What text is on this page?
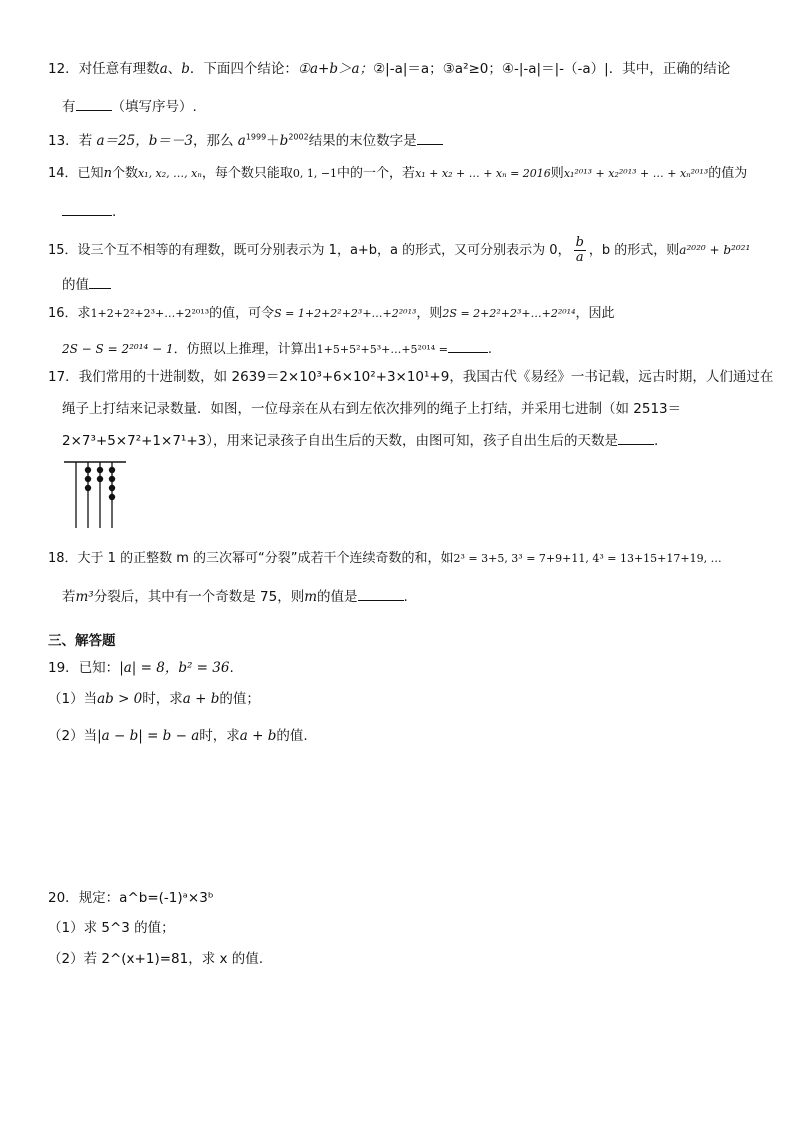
12．对任意有理数a、b．下面四个结论：①a+b＞a；②|-a|＝a；③a²≥0；④-|-a|＝|-（-a）|．其中，正确的结论
有	（填写序号）.
13．若 a＝25，b＝－3，那么 $a^{1999}+b^{2002}$结果的末位数字是
14．已知n个数x₁, x₂, …, xₙ，每个数只能取0, 1, −1中的一个，若x₁ + x₂ + … + xₙ = 2016则x₁²⁰¹³ + x₂²⁰¹³ + … + xₙ²⁰¹³的值为
.
15．设三个互不相等的有理数，既可分别表示为 1，a+b，a 的形式，又可分别表示为 0， $\frac{b}{a}$ ，b 的形式，则a²⁰²⁰ + b²⁰²¹
的值
16．求1+2+2²+2³+…+2²⁰¹³的值，可令S = 1+2+2²+2³+…+2²⁰¹³，则2S = 2+2²+2³+…+2²⁰¹⁴，因此
2S − S = 2²⁰¹⁴ − 1．仿照以上推理，计算出1+5+5²+5³+…+5²⁰¹⁴ =	.
17．我们常用的十进制数，如 2639＝2×10³+6×10²+3×10¹+9，我国古代《易经》一书记载，远古时期，人们通过在
绳子上打结来记录数量．如图，一位母亲在从右到左依次排列的绳子上打结，并采用七进制（如 2513＝
2×7³+5×7²+1×7¹+3），用来记录孩子自出生后的天数，由图可知，孩子自出生后的天数是	.
18．大于 1 的正整数 m 的三次幂可“分裂”成若干个连续奇数的和，如2³ = 3+5, 3³ = 7+9+11, 4³ = 13+15+17+19, …
若m³分裂后，其中有一个奇数是 75，则m的值是	.
三、解答题
19．已知：|a| = 8，b² = 36.
（1）当ab > 0时，求a + b的值；
（2）当|a − b| = b − a时，求a + b的值.
20．规定：a^b=(-1)ᵃ×3ᵇ
（1）求 5^3 的值；
（2）若 2^(x+1)=81，求 x 的值.
